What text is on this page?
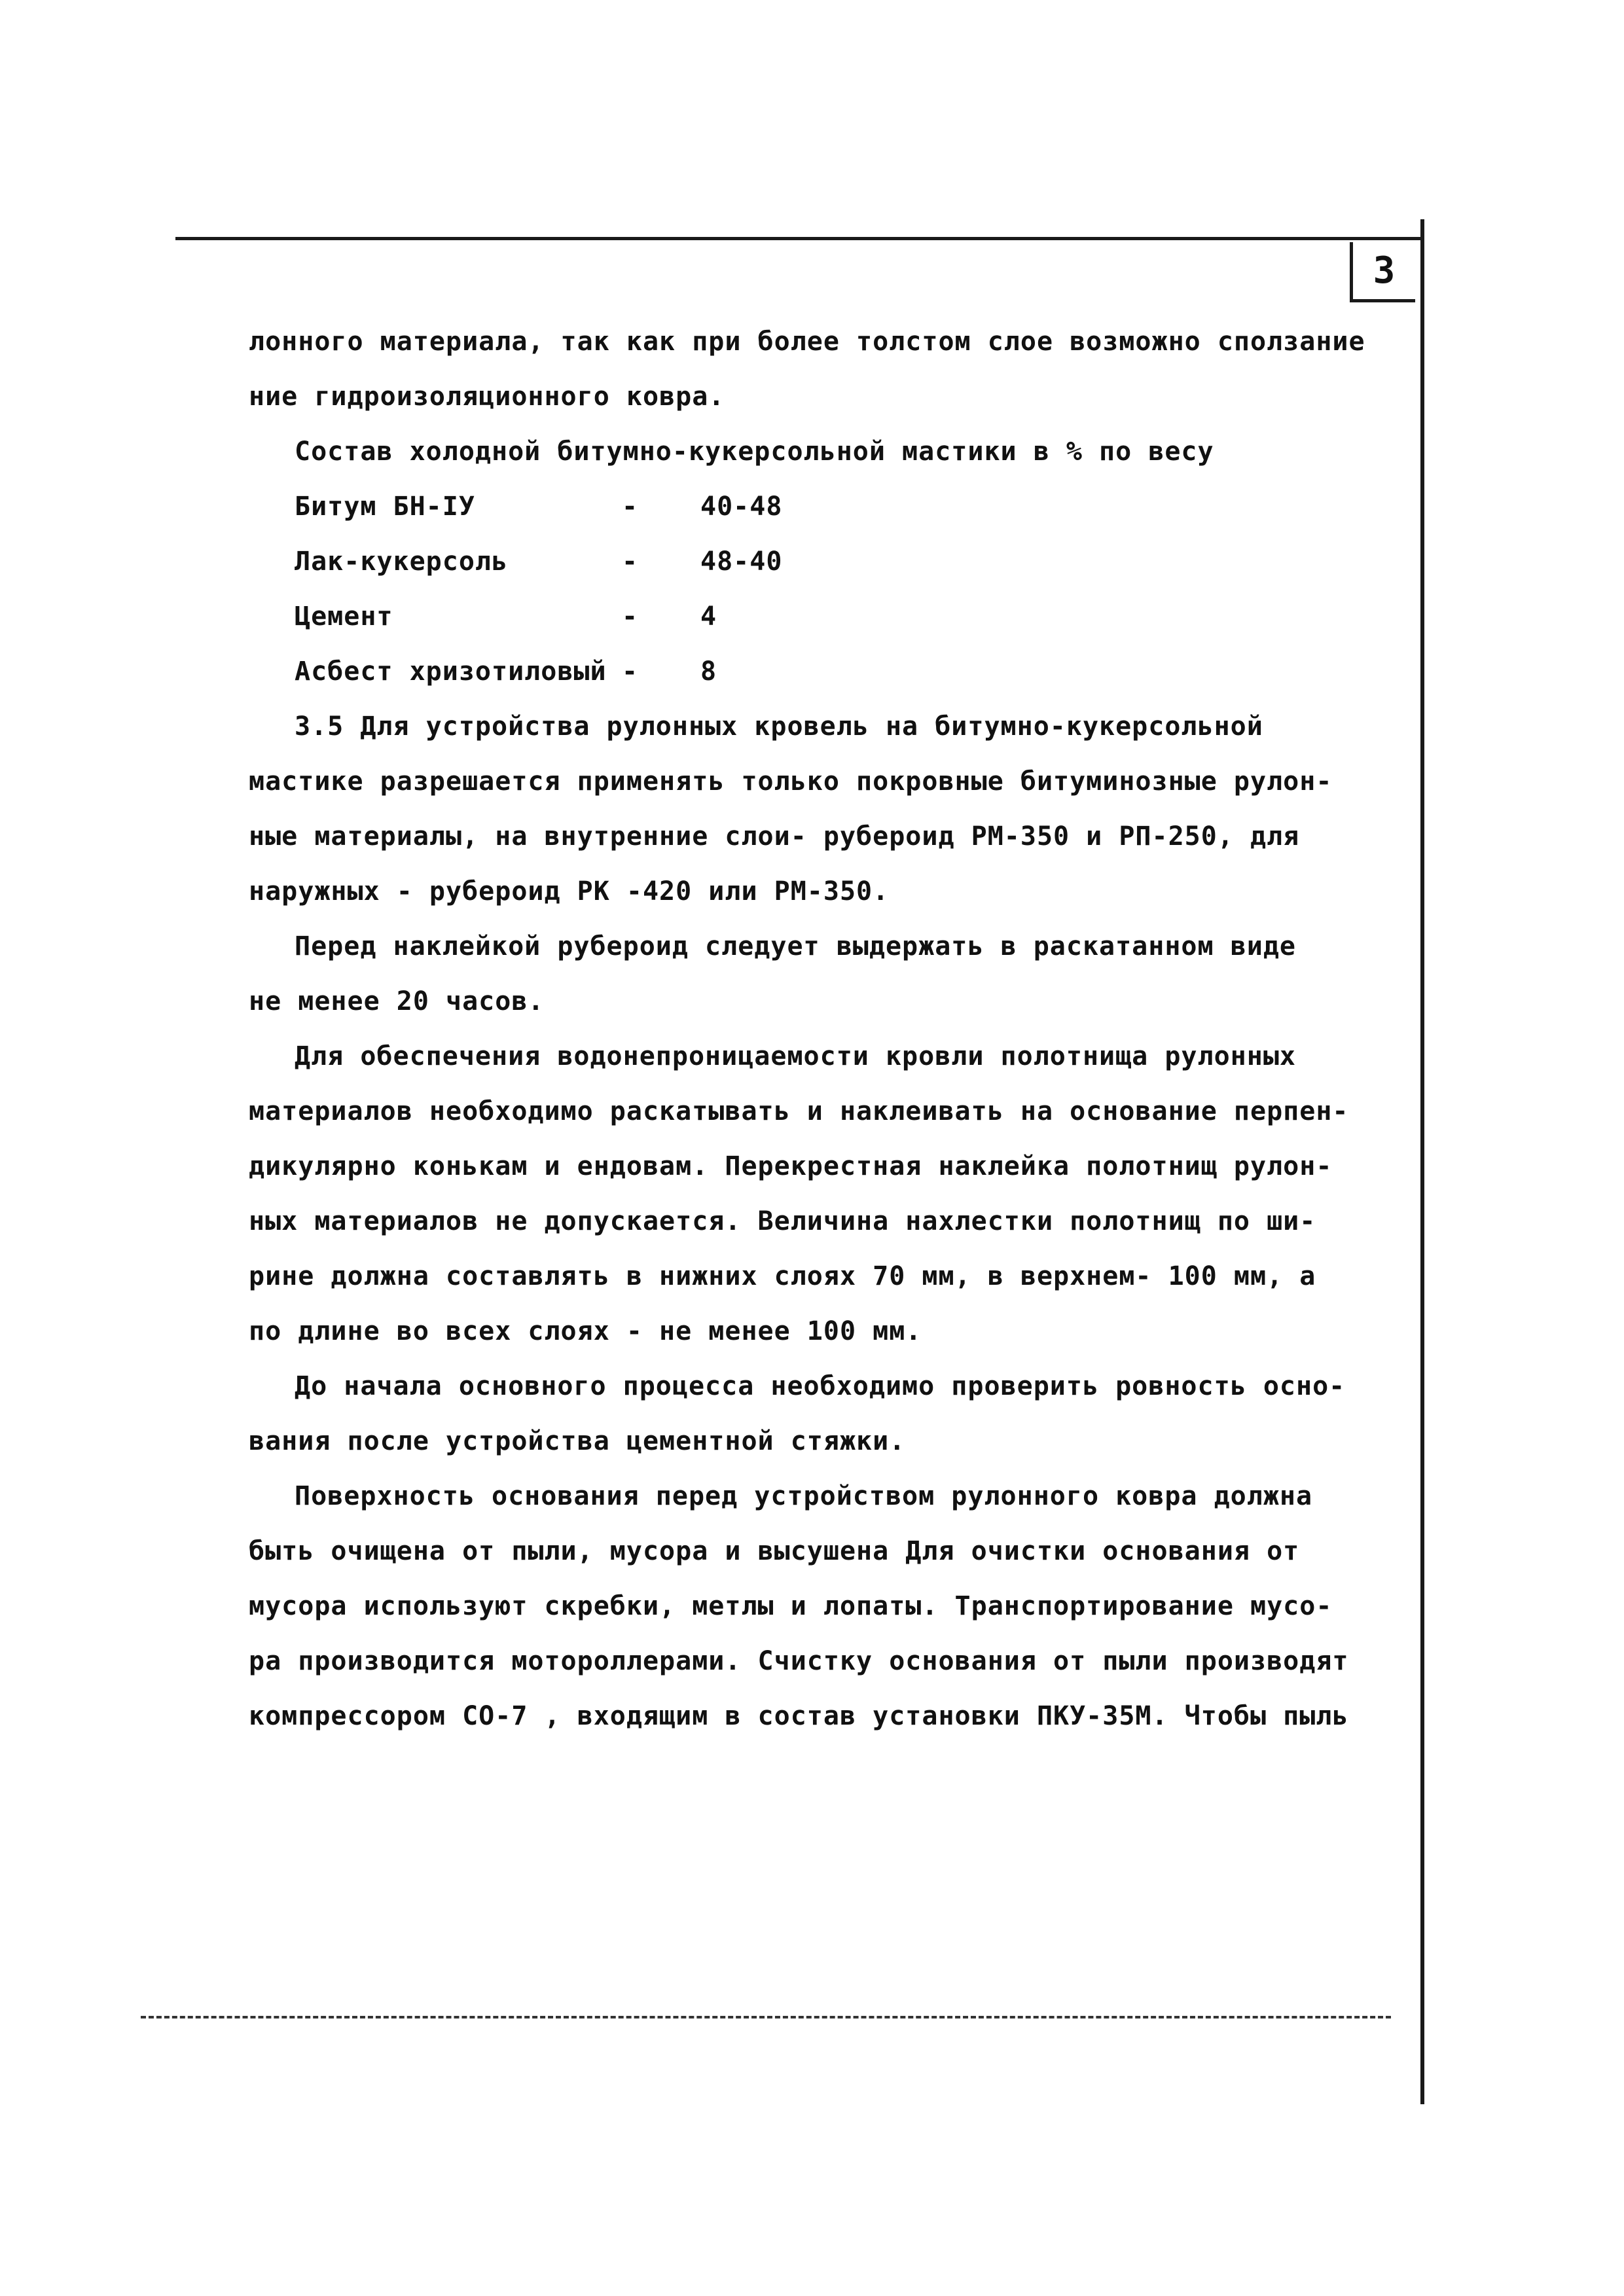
3
лонного материала, так как при более толстом слое возможно сползание
ние гидроизоляционного ковра.
Состав холодной битумно-кукерсольной мастики в % по весу
Битум БН-IУ	-	40-48
Лак-кукерсоль	-	48-40
Цемент	-	4
Асбест хризотиловый -	8
3.5 Для устройства рулонных кровель на битумно-кукерсольной
мастике разрешается применять только покровные битуминозные рулон-
ные материалы, на внутренние слои- рубероид РМ-350 и РП-250, для
наружных - рубероид РК -420 или РМ-350.
Перед наклейкой рубероид следует выдержать в раскатанном виде
не менее 20 часов.
Для обеспечения водонепроницаемости кровли полотнища рулонных
материалов необходимо раскатывать и наклеивать на основание перпен-
дикулярно конькам и ендовам. Перекрестная наклейка полотнищ рулон-
ных материалов не допускается. Величина нахлестки полотнищ по ши-
рине должна составлять в нижних слоях 70 мм, в верхнем- 100 мм, а
по длине во всех слоях - не менее 100 мм.
До начала основного процесса необходимо проверить ровность осно-
вания после устройства цементной стяжки.
Поверхность основания перед устройством рулонного ковра должна
быть очищена от пыли, мусора и высушена Для очистки основания от
мусора используют скребки, метлы и лопаты. Транспортирование мусо-
ра производится мотороллерами. Счистку основания от пыли производят
компрессором СО-7 , входящим в состав установки ПКУ-35М. Чтобы пыль
